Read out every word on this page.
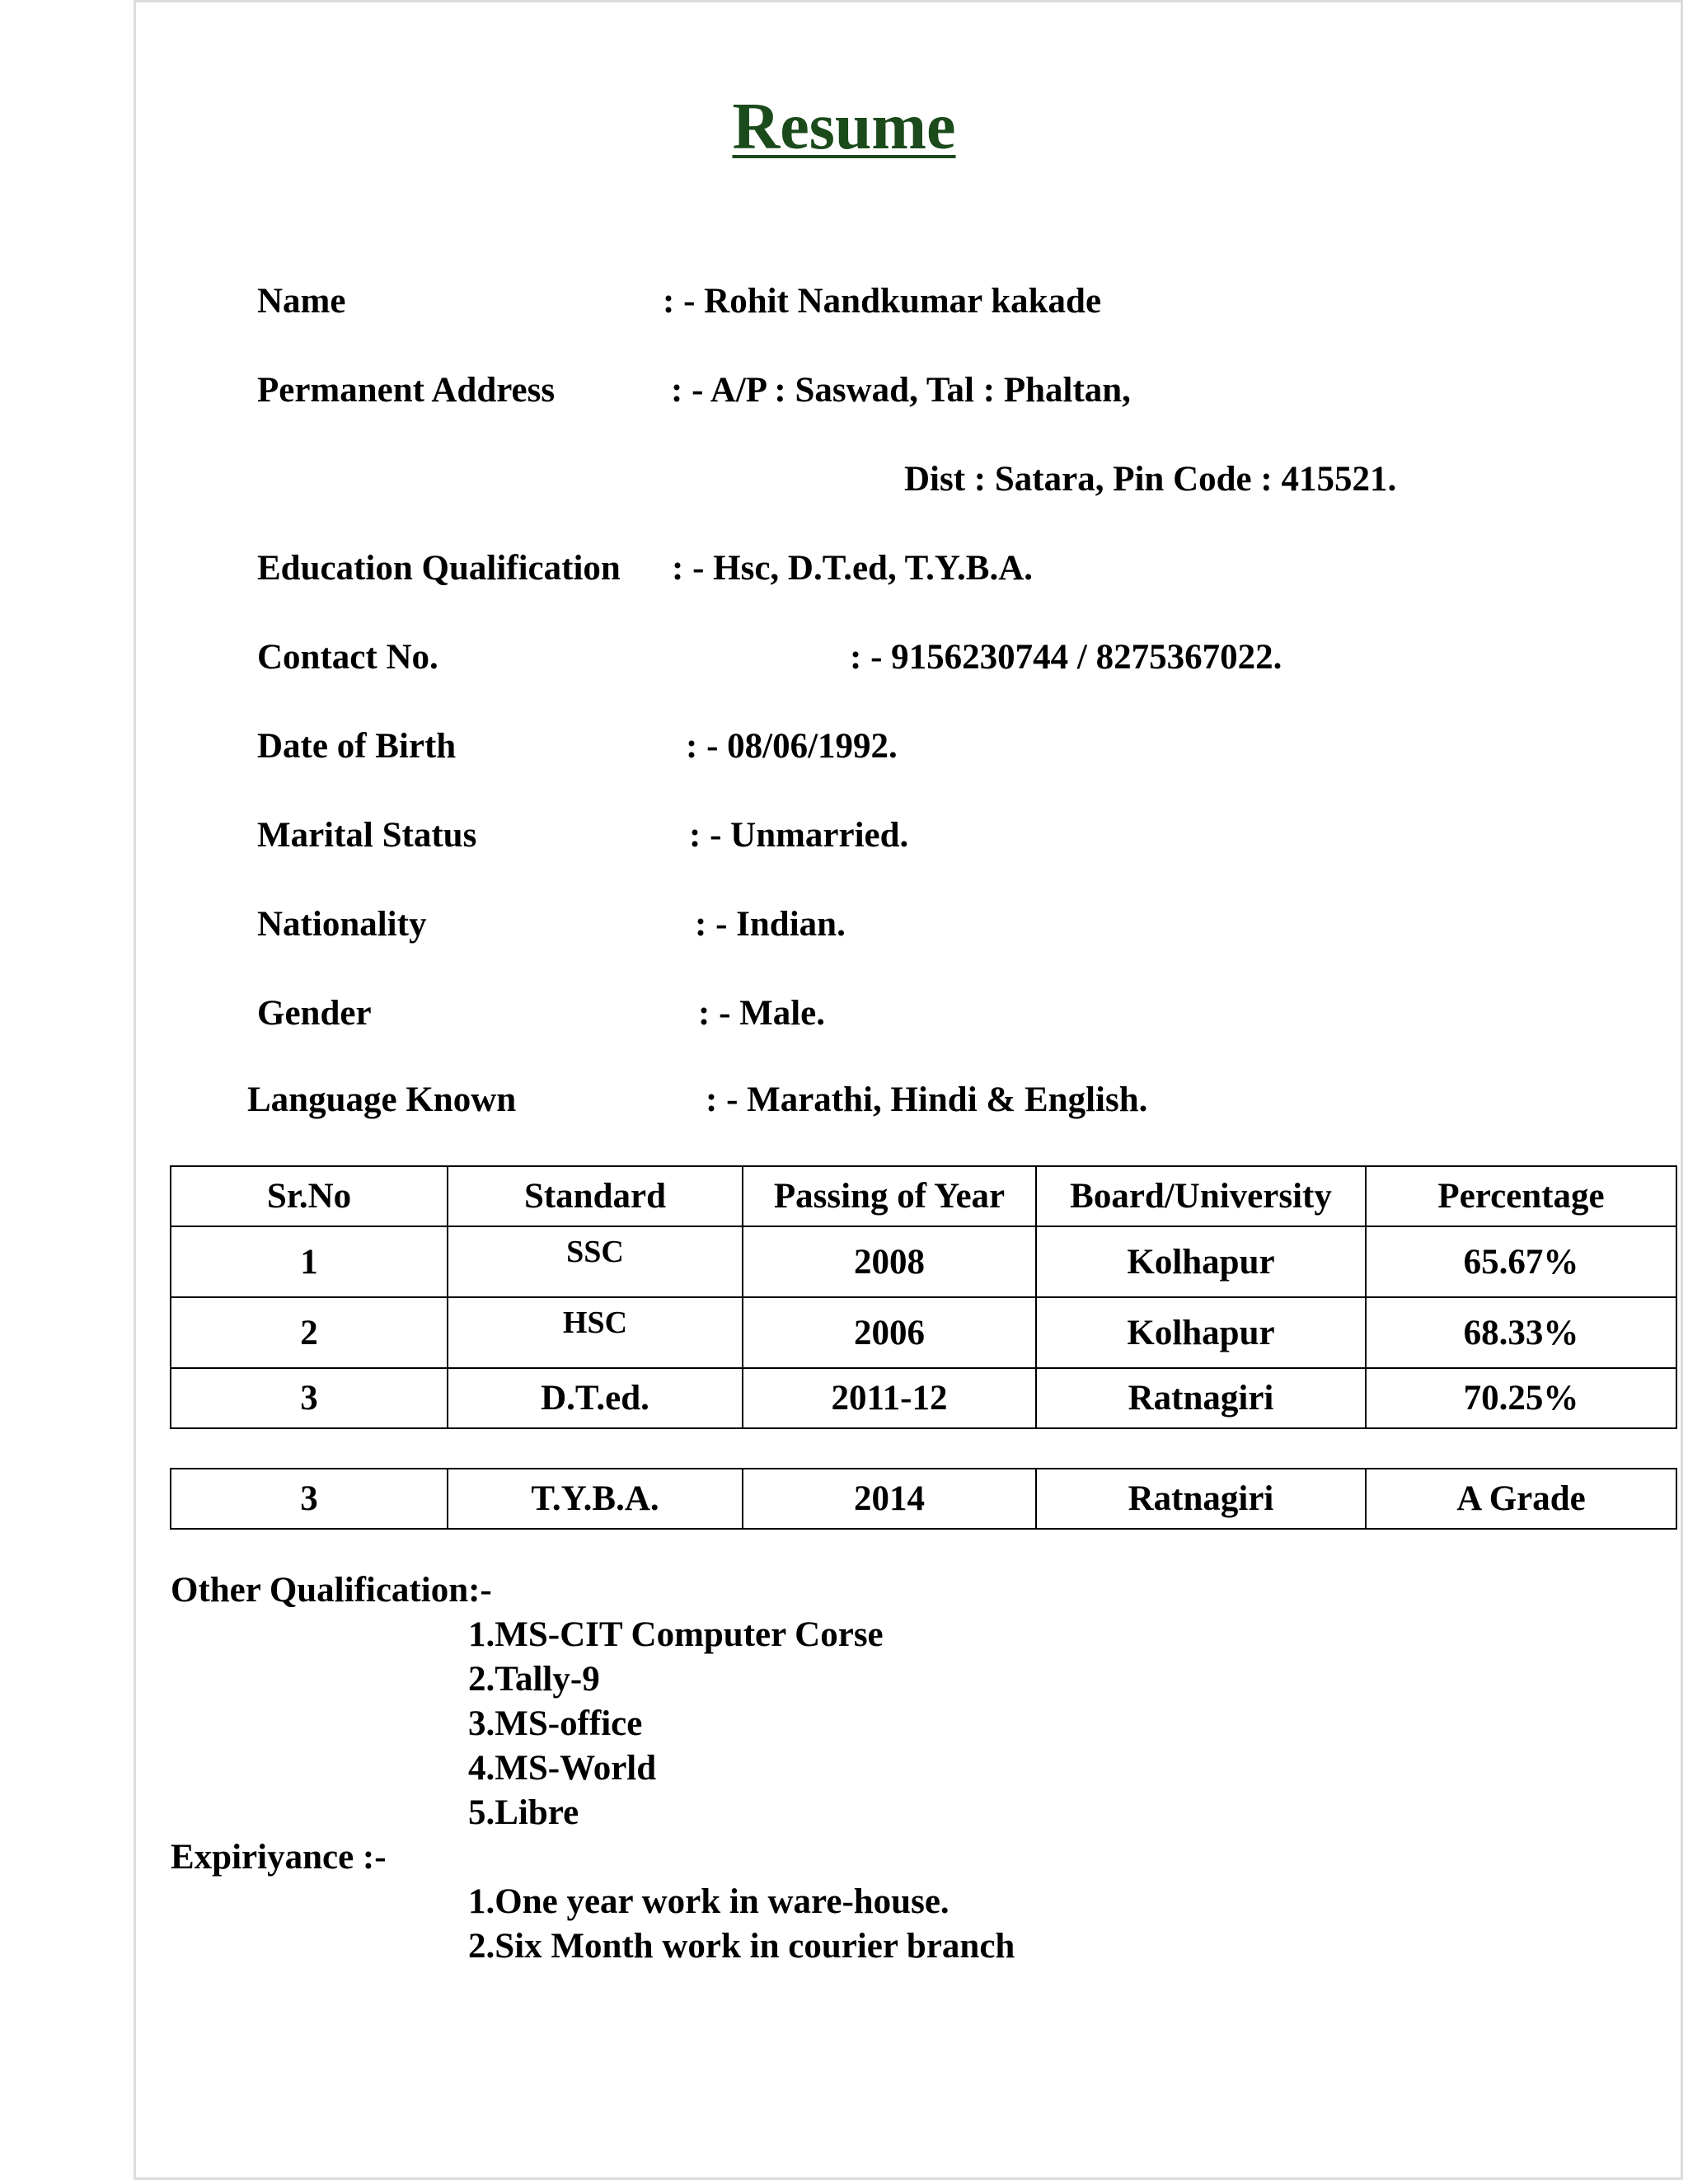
Resume
Name	: - Rohit Nandkumar kakade
Permanent Address	: - A/P : Saswad, Tal : Phaltan,
Dist : Satara, Pin Code : 415521.
Education Qualification : - Hsc, D.T.ed, T.Y.B.A.
Contact No.	: - 9156230744 / 8275367022.
Date of Birth	: - 08/06/1992.
Marital Status	: - Unmarried.
Nationality	: - Indian.
Gender	: - Male.
Language Known	: - Marathi, Hindi & English.
Sr.No	Standard	Passing of Year	Board/University	Percentage
1	SSC	2008	Kolhapur	65.67%
2	HSC	2006	Kolhapur	68.33%
3	D.T.ed.	2011-12	Ratnagiri	70.25%
3	T.Y.B.A.	2014	Ratnagiri	A Grade
Other Qualification:-
1.MS-CIT Computer Corse
2.Tally-9
3.MS-office
4.MS-World
5.Libre
Expiriyance :-
1.One year work in ware-house.
2.Six Month work in courier branch
